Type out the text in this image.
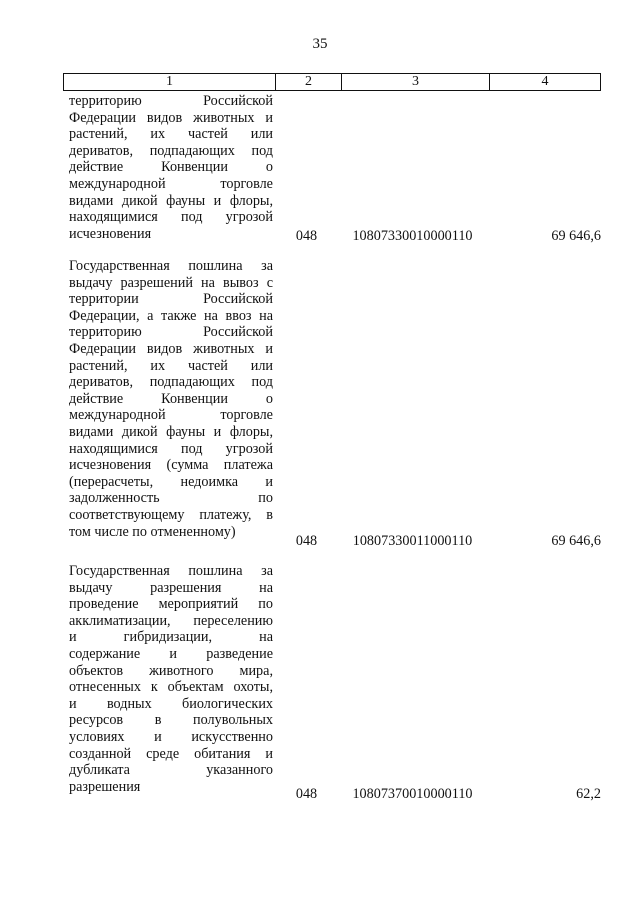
35
1	2	3	4
территорию Российской
Федерации видов животных и
растений, их частей или
дериватов, подпадающих под
действие Конвенции о
международной торговле
видами дикой фауны и флоры,
находящимися под угрозой
исчезновения	048	10807330010000110	69 646,6
Государственная пошлина за
выдачу разрешений на вывоз с
территории Российской
Федерации, а также на ввоз на
территорию Российской
Федерации видов животных и
растений, их частей или
дериватов, подпадающих под
действие Конвенции о
международной торговле
видами дикой фауны и флоры,
находящимися под угрозой
исчезновения (сумма платежа
(перерасчеты, недоимка и
задолженность по
соответствующему платежу, в
том числе по отмененному)
048	10807330011000110	69 646,6
Государственная пошлина за
выдачу разрешения на
проведение мероприятий по
акклиматизации, переселению
и гибридизации, на
содержание и разведение
объектов животного мира,
отнесенных к объектам охоты,
и водных биологических
ресурсов в полувольных
условиях и искусственно
созданной среде обитания и
дубликата указанного
разрешения	048	10807370010000110	62,2
